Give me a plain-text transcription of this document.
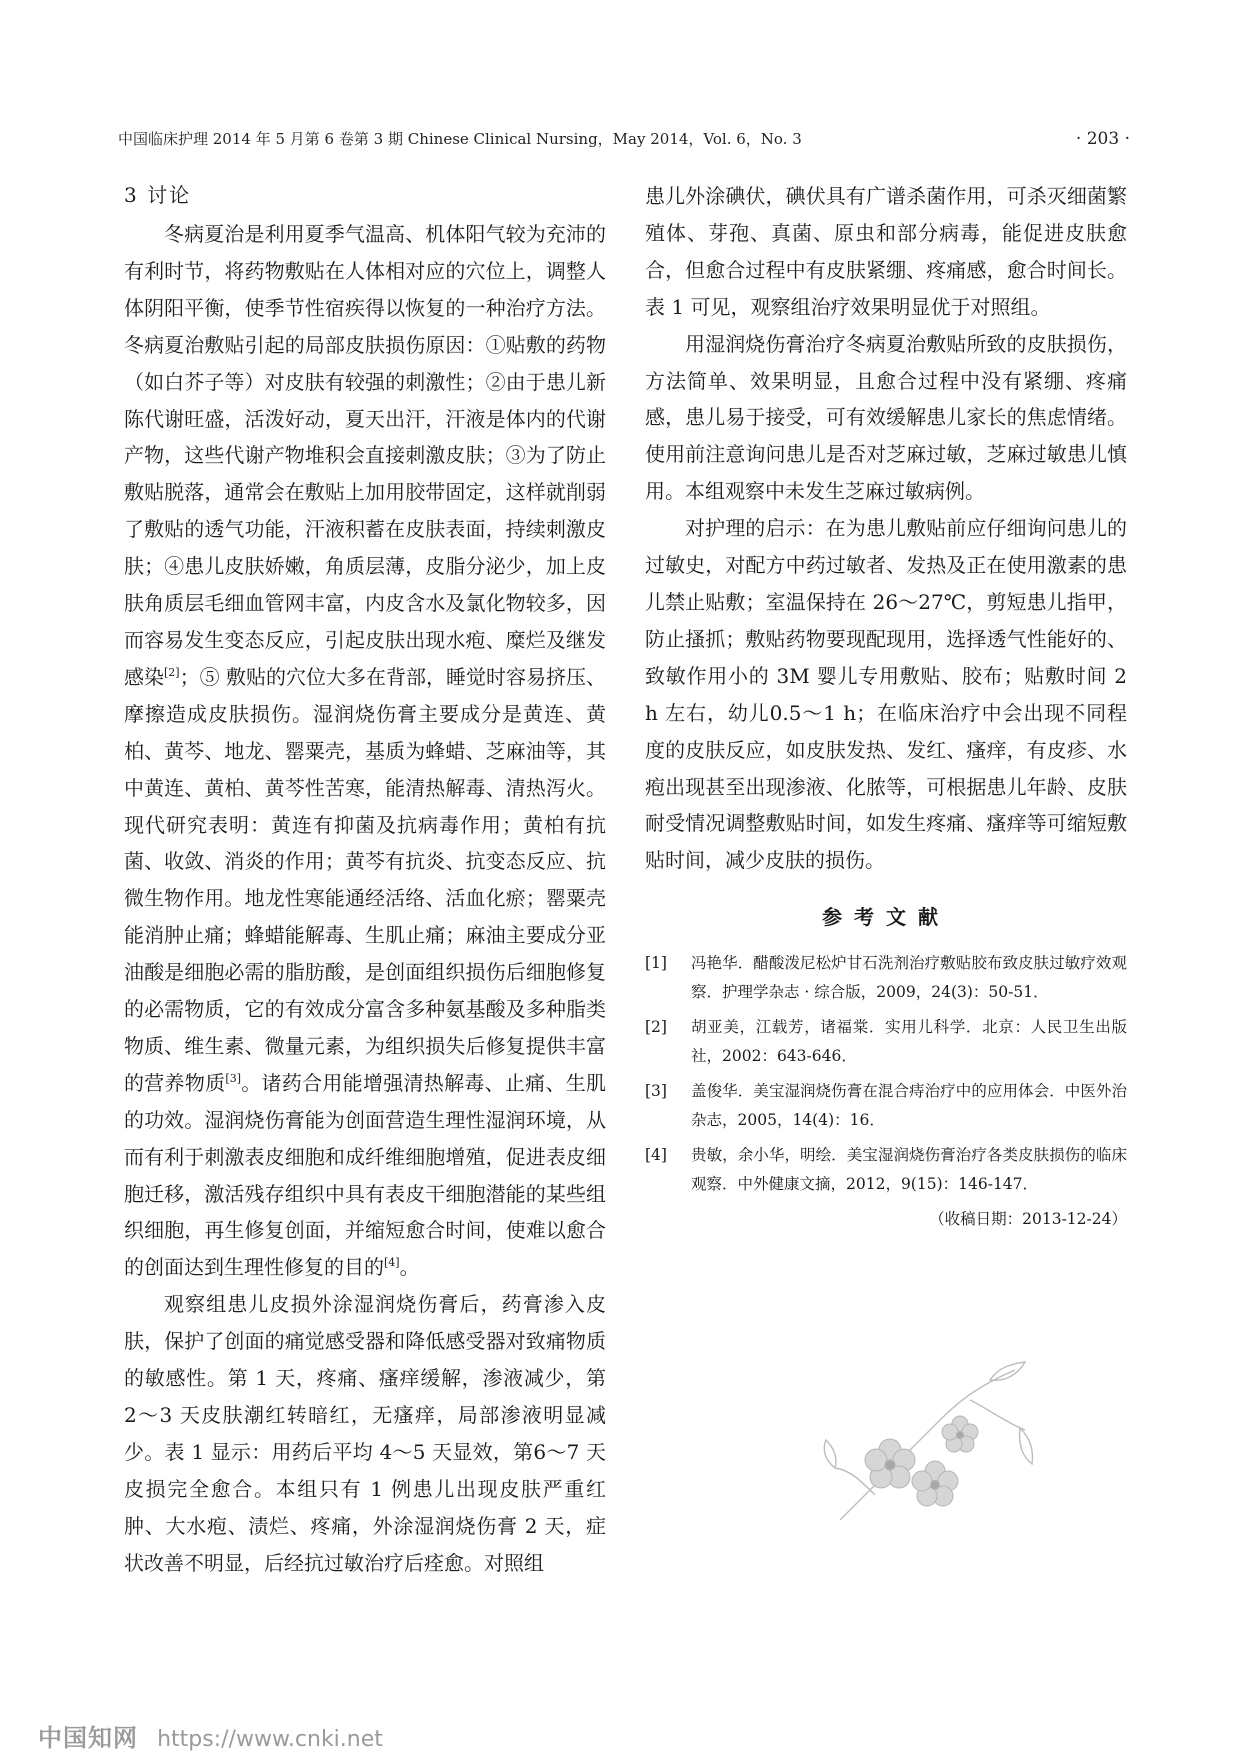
中国临床护理 2014 年 5 月第 6 卷第 3 期 Chinese Clinical Nursing，May 2014，Vol. 6，No. 3	· 203 ·
3 讨论

冬病夏治是利用夏季气温高、机体阳气较为充沛的有利时节，将药物敷贴在人体相对应的穴位上，调整人体阴阳平衡，使季节性宿疾得以恢复的一种治疗方法。冬病夏治敷贴引起的局部皮肤损伤原因：①贴敷的药物（如白芥子等）对皮肤有较强的刺激性；②由于患儿新陈代谢旺盛，活泼好动，夏天出汗，汗液是体内的代谢产物，这些代谢产物堆积会直接刺激皮肤；③为了防止敷贴脱落，通常会在敷贴上加用胶带固定，这样就削弱了敷贴的透气功能，汗液积蓄在皮肤表面，持续刺激皮肤；④患儿皮肤娇嫩，角质层薄，皮脂分泌少，加上皮肤角质层毛细血管网丰富，内皮含水及氯化物较多，因而容易发生变态反应，引起皮肤出现水疱、糜烂及继发感染[2]；⑤ 敷贴的穴位大多在背部，睡觉时容易挤压、摩擦造成皮肤损伤。湿润烧伤膏主要成分是黄连、黄柏、黄芩、地龙、罂粟壳，基质为蜂蜡、芝麻油等，其中黄连、黄柏、黄芩性苦寒，能清热解毒、清热泻火。现代研究表明：黄连有抑菌及抗病毒作用；黄柏有抗菌、收敛、消炎的作用；黄芩有抗炎、抗变态反应、抗微生物作用。地龙性寒能通经活络、活血化瘀；罂粟壳能消肿止痛；蜂蜡能解毒、生肌止痛；麻油主要成分亚油酸是细胞必需的脂肪酸，是创面组织损伤后细胞修复的必需物质，它的有效成分富含多种氨基酸及多种脂类物质、维生素、微量元素，为组织损失后修复提供丰富的营养物质[3]。诸药合用能增强清热解毒、止痛、生肌的功效。湿润烧伤膏能为创面营造生理性湿润环境，从而有利于刺激表皮细胞和成纤维细胞增殖，促进表皮细胞迁移，激活残存组织中具有表皮干细胞潜能的某些组织细胞，再生修复创面，并缩短愈合时间，使难以愈合的创面达到生理性修复的目的[4]。

观察组患儿皮损外涂湿润烧伤膏后，药膏渗入皮肤，保护了创面的痛觉感受器和降低感受器对致痛物质的敏感性。第 1 天，疼痛、瘙痒缓解，渗液减少，第 2～3 天皮肤潮红转暗红，无瘙痒，局部渗液明显减少。表 1 显示：用药后平均 4～5 天显效，第6～7 天皮损完全愈合。本组只有 1 例患儿出现皮肤严重红肿、大水疱、渍烂、疼痛，外涂湿润烧伤膏 2 天，症状改善不明显，后经抗过敏治疗后痊愈。对照组

患儿外涂碘伏，碘伏具有广谱杀菌作用，可杀灭细菌繁殖体、芽孢、真菌、原虫和部分病毒，能促进皮肤愈合，但愈合过程中有皮肤紧绷、疼痛感，愈合时间长。表 1 可见，观察组治疗效果明显优于对照组。

用湿润烧伤膏治疗冬病夏治敷贴所致的皮肤损伤，方法简单、效果明显，且愈合过程中没有紧绷、疼痛感，患儿易于接受，可有效缓解患儿家长的焦虑情绪。使用前注意询问患儿是否对芝麻过敏，芝麻过敏患儿慎用。本组观察中未发生芝麻过敏病例。

对护理的启示：在为患儿敷贴前应仔细询问患儿的过敏史，对配方中药过敏者、发热及正在使用激素的患儿禁止贴敷；室温保持在 26～27℃，剪短患儿指甲，防止搔抓；敷贴药物要现配现用，选择透气性能好的、致敏作用小的 3M 婴儿专用敷贴、胶布；贴敷时间 2 h 左右，幼儿0.5～1 h；在临床治疗中会出现不同程度的皮肤反应，如皮肤发热、发红、瘙痒，有皮疹、水疱出现甚至出现渗液、化脓等，可根据患儿年龄、皮肤耐受情况调整敷贴时间，如发生疼痛、瘙痒等可缩短敷贴时间，减少皮肤的损伤。

参考文献
[1] 冯艳华．醋酸泼尼松炉甘石洗剂治疗敷贴胶布致皮肤过敏疗效观察．护理学杂志 · 综合版，2009，24(3)：50-51．
[2] 胡亚美，江载芳，诸福棠．实用儿科学．北京：人民卫生出版社，2002：643-646．
[3] 盖俊华．美宝湿润烧伤膏在混合痔治疗中的应用体会．中医外治杂志，2005，14(4)：16．
[4] 贵敏，余小华，明绘．美宝湿润烧伤膏治疗各类皮肤损伤的临床观察．中外健康文摘，2012，9(15)：146-147．
（收稿日期：2013-12-24）
中国知网 https://www.cnki.net
